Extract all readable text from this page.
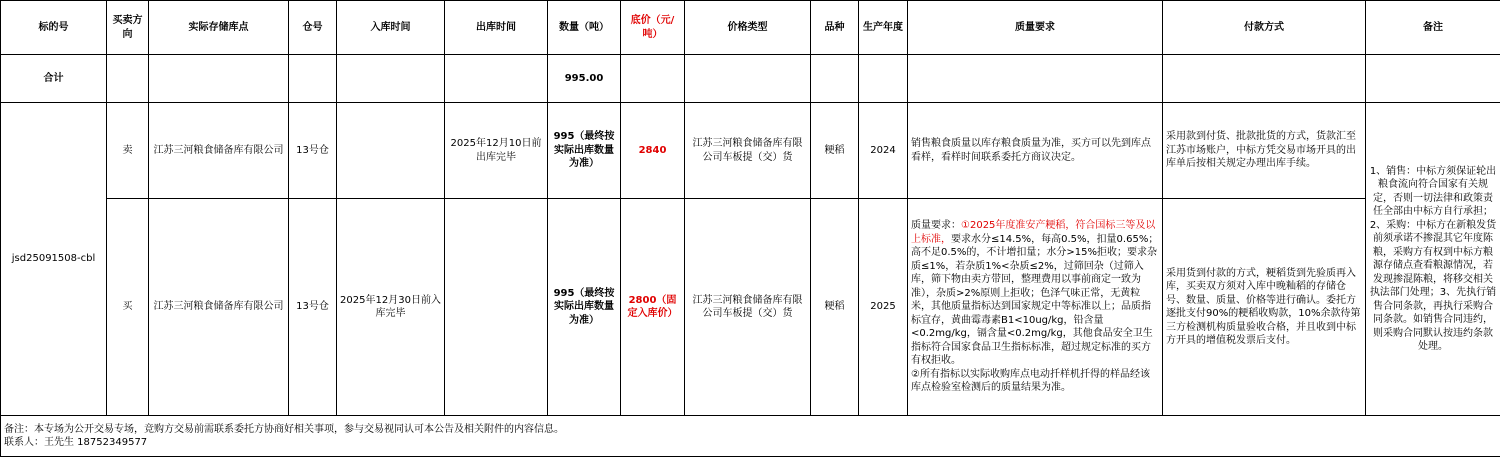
标的号	买卖方向	实际存储库点	仓号	入库时间	出库时间	数量（吨）	底价（元/吨）	价格类型	品种	生产年度	质量要求	付款方式	备注
合计						995.00							
jsd25091508-cbl	卖	江苏三河粮食储备库有限公司	13号仓		2025年12月10日前出库完毕	995（最终按实际出库数量为准）	2840	江苏三河粮食储备库有限公司车板提（交）货	粳稻	2024	销售粮食质量以库存粮食质量为准，买方可以先到库点看样，看样时间联系委托方商议决定。	采用款到付货、批款批货的方式，货款汇至江苏市场账户，中标方凭交易市场开具的出库单后按相关规定办理出库手续。	1、销售：中标方须保证轮出粮食流向符合国家有关规定，否则一切法律和政策责任全部由中标方自行承担；2、采购：中标方在新粮发货前须承诺不掺混其它年度陈粮，采购方有权到中标方粮源存储点查看粮源情况，若发现掺混陈粮，将移交相关执法部门处理；3、先执行销售合同条款，再执行采购合同条款。如销售合同违约，则采购合同默认按违约条款处理。
	买	江苏三河粮食储备库有限公司	13号仓	2025年12月30日前入库完毕		995（最终按实际出库数量为准）	2800（固定入库价）	江苏三河粮食储备库有限公司车板提（交）货	粳稻	2025	质量要求：①2025年度准安产粳稻，符合国标三等及以上标准，要求水分≤14.5%，每高0.5%，扣量0.65%；高不足0.5%的，不计增扣量；水分>15%拒收；要求杂质≤1%，若杂质1%<杂质≤2%，过筛回杂（过筛入库，筛下物由卖方带回，整理费用以事前商定一致为准），杂质>2%原则上拒收；色泽气味正常，无黄粒米，其他质量指标达到国家规定中等标准以上；品质指标宜存，黄曲霉毒素B1<10ug/kg，铅含量<0.2mg/kg，镉含量<0.2mg/kg，其他食品安全卫生指标符合国家食品卫生指标标准，超过规定标准的买方有权拒收。
②所有指标以实际收购库点电动扦样机扦得的样品经该库点检验室检测后的质量结果为准。	采用货到付款的方式，粳稻货到先验质再入库，买卖双方须对入库中晚籼稻的存储仓号、数量、质量、价格等进行确认。委托方逐批支付90%的粳稻收购款，10%余款待第三方检测机构质量验收合格，并且收到中标方开具的增值税发票后支付。	

备注：本专场为公开交易专场，竞购方交易前需联系委托方协商好相关事项，参与交易视同认可本公告及相关附件的内容信息。
联系人：王先生 18752349577													
